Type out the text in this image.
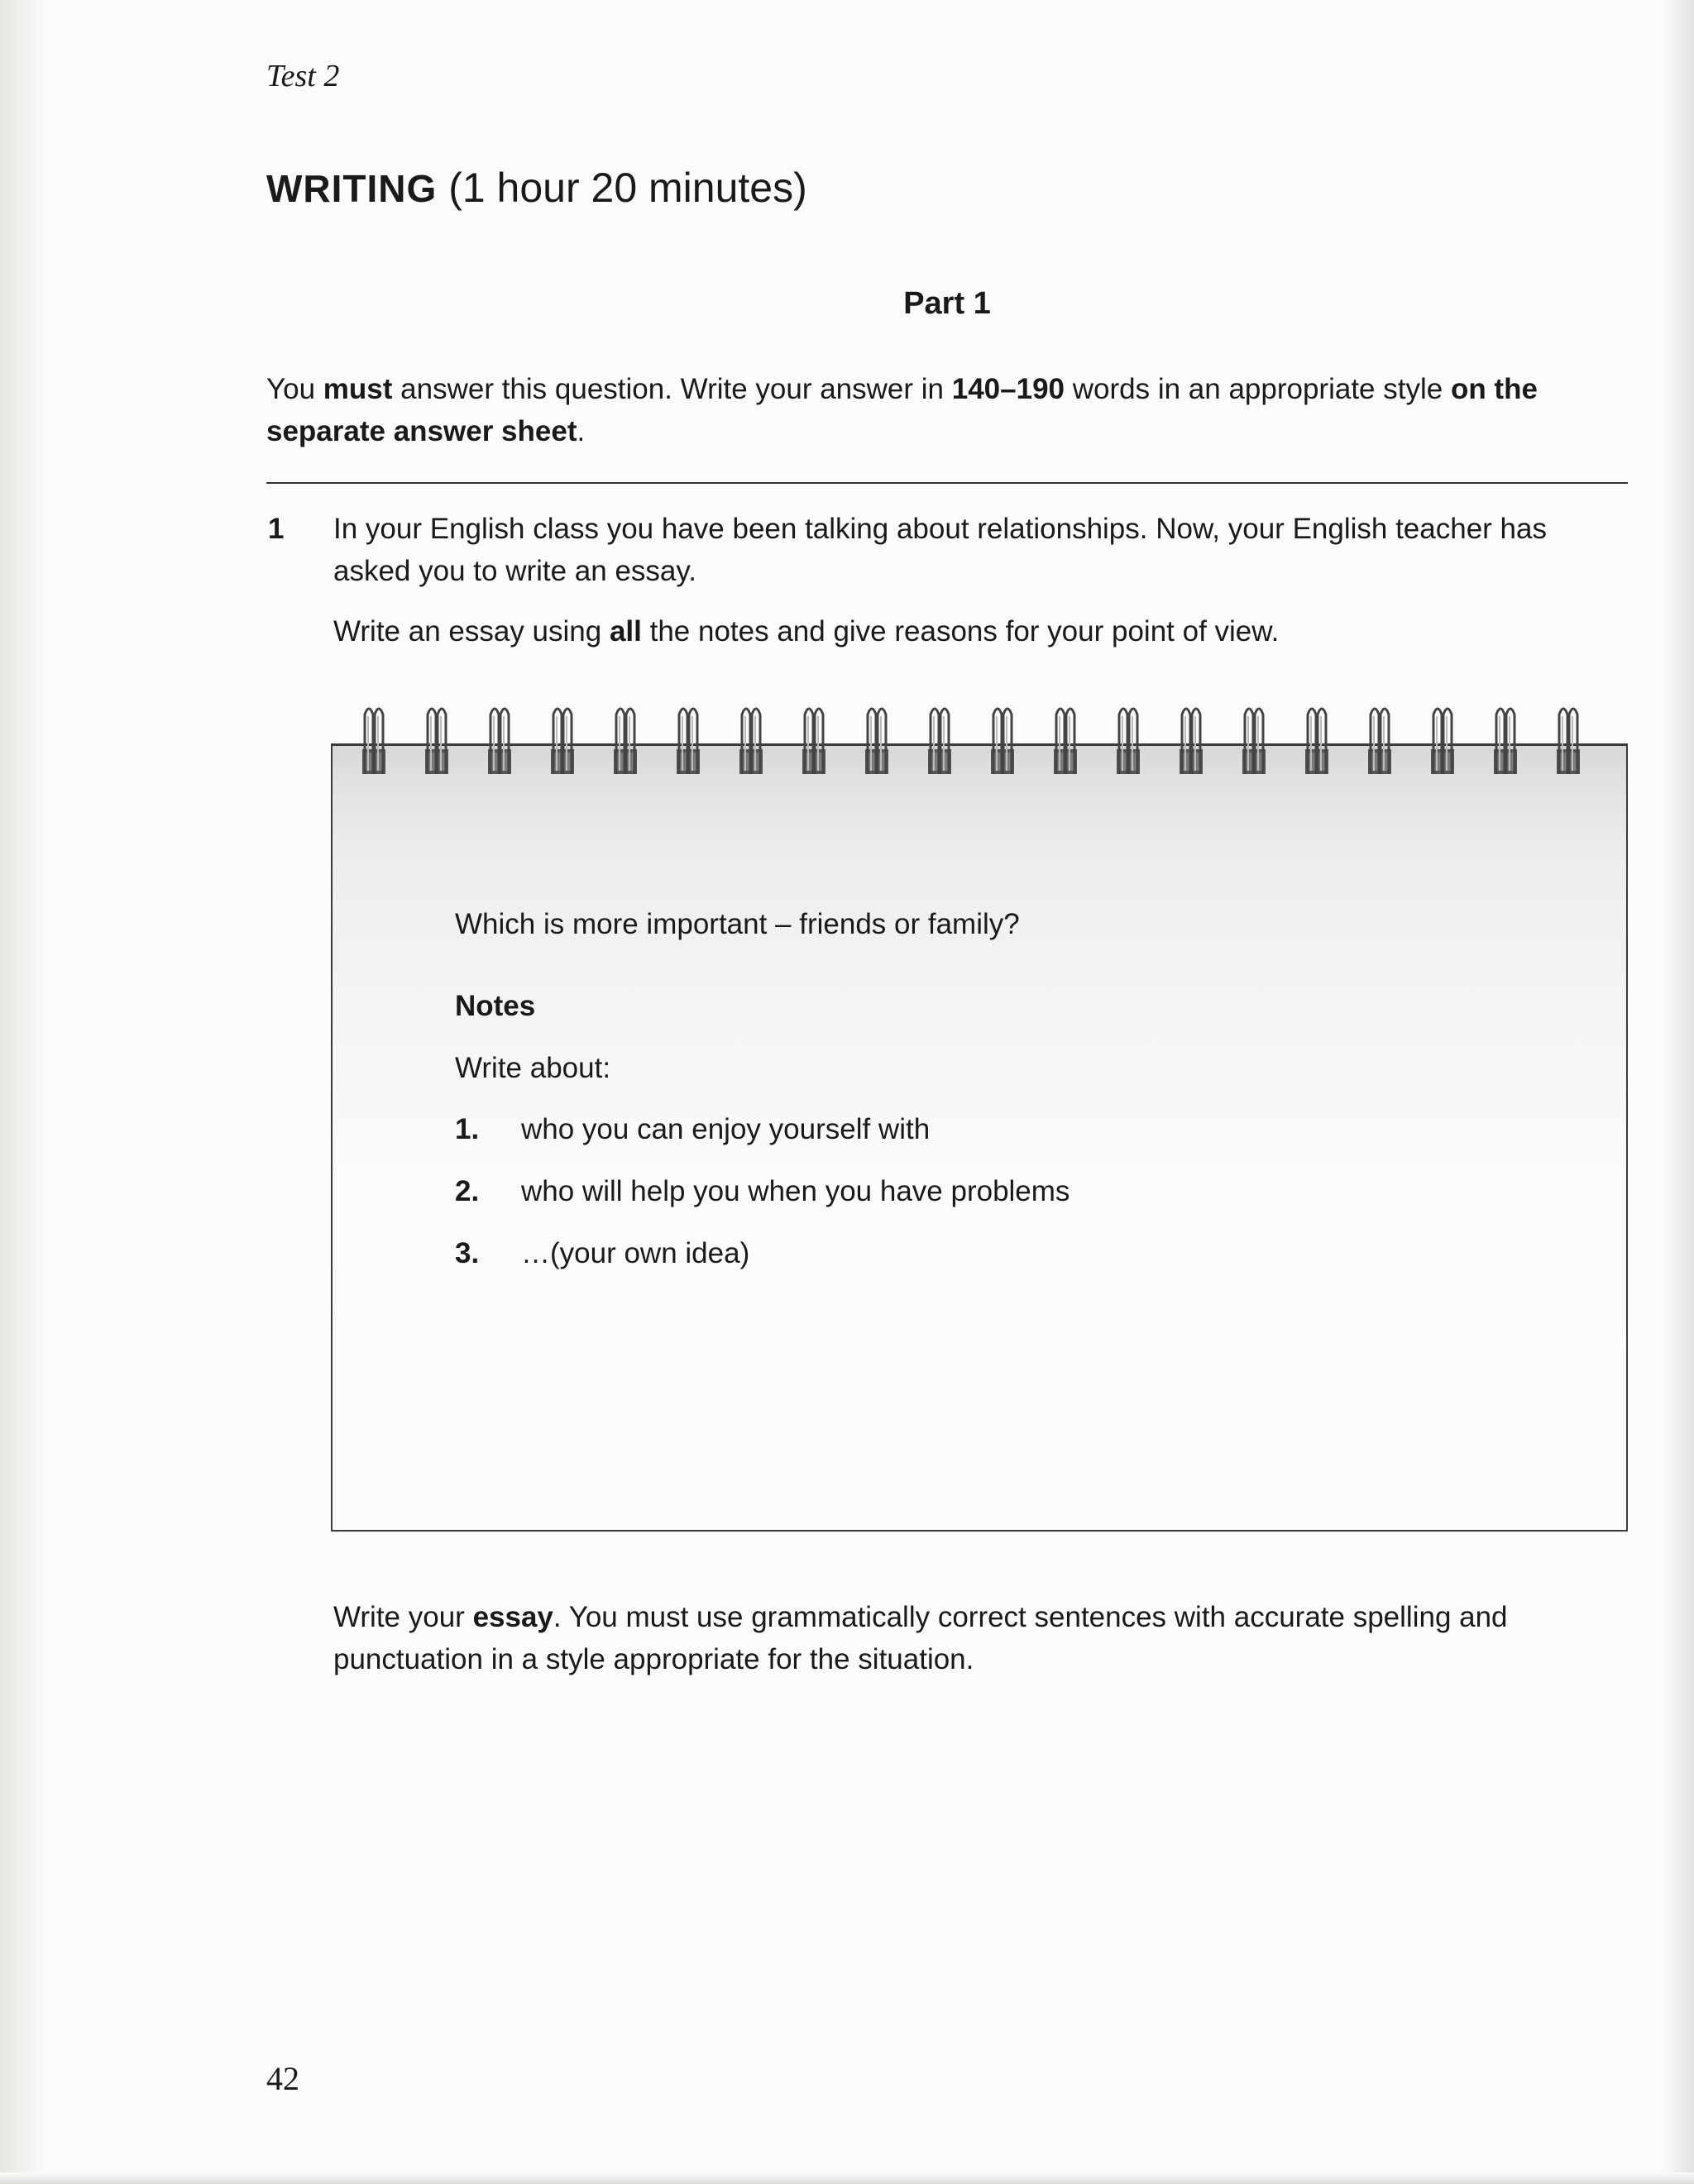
Test 2

WRITING (1 hour 20 minutes)
Part 1

You must answer this question. Write your answer in 140–190 words in an appropriate style on the separate answer sheet.

1 In your English class you have been talking about relationships. Now, your English teacher has asked you to write an essay.

Write an essay using all the notes and give reasons for your point of view.

Which is more important – friends or family?

Notes

Write about:

1. who you can enjoy yourself with
2. who will help you when you have problems
3. …(your own idea)

Write your essay. You must use grammatically correct sentences with accurate spelling and

punctuation in a style appropriate for the situation.

42
